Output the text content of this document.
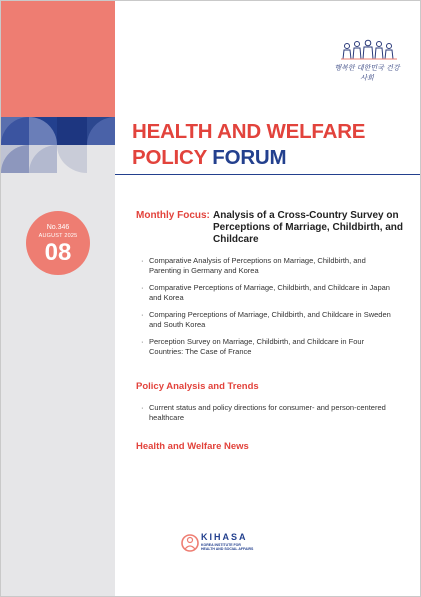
행복한 대한민국 건강사회
HEALTH AND WELFARE
POLICY FORUM
No.346
AUGUST 2025
08
Monthly Focus: Analysis of a Cross-Country Survey on Perceptions of Marriage, Childbirth, and Childcare
· Comparative Analysis of Perceptions on Marriage, Childbirth, and Parenting in Germany and Korea
· Comparative Perceptions of Marriage, Childbirth, and Childcare in Japan and Korea
· Comparing Perceptions of Marriage, Childbirth, and Childcare in Sweden and South Korea
· Perception Survey on Marriage, Childbirth, and Childcare in Four Countries: The Case of France
Policy Analysis and Trends
· Current status and policy directions for consumer- and person-centered healthcare
Health and Welfare News
KIHASA
KOREA INSTITUTE FOR
HEALTH AND SOCIAL AFFAIRS
